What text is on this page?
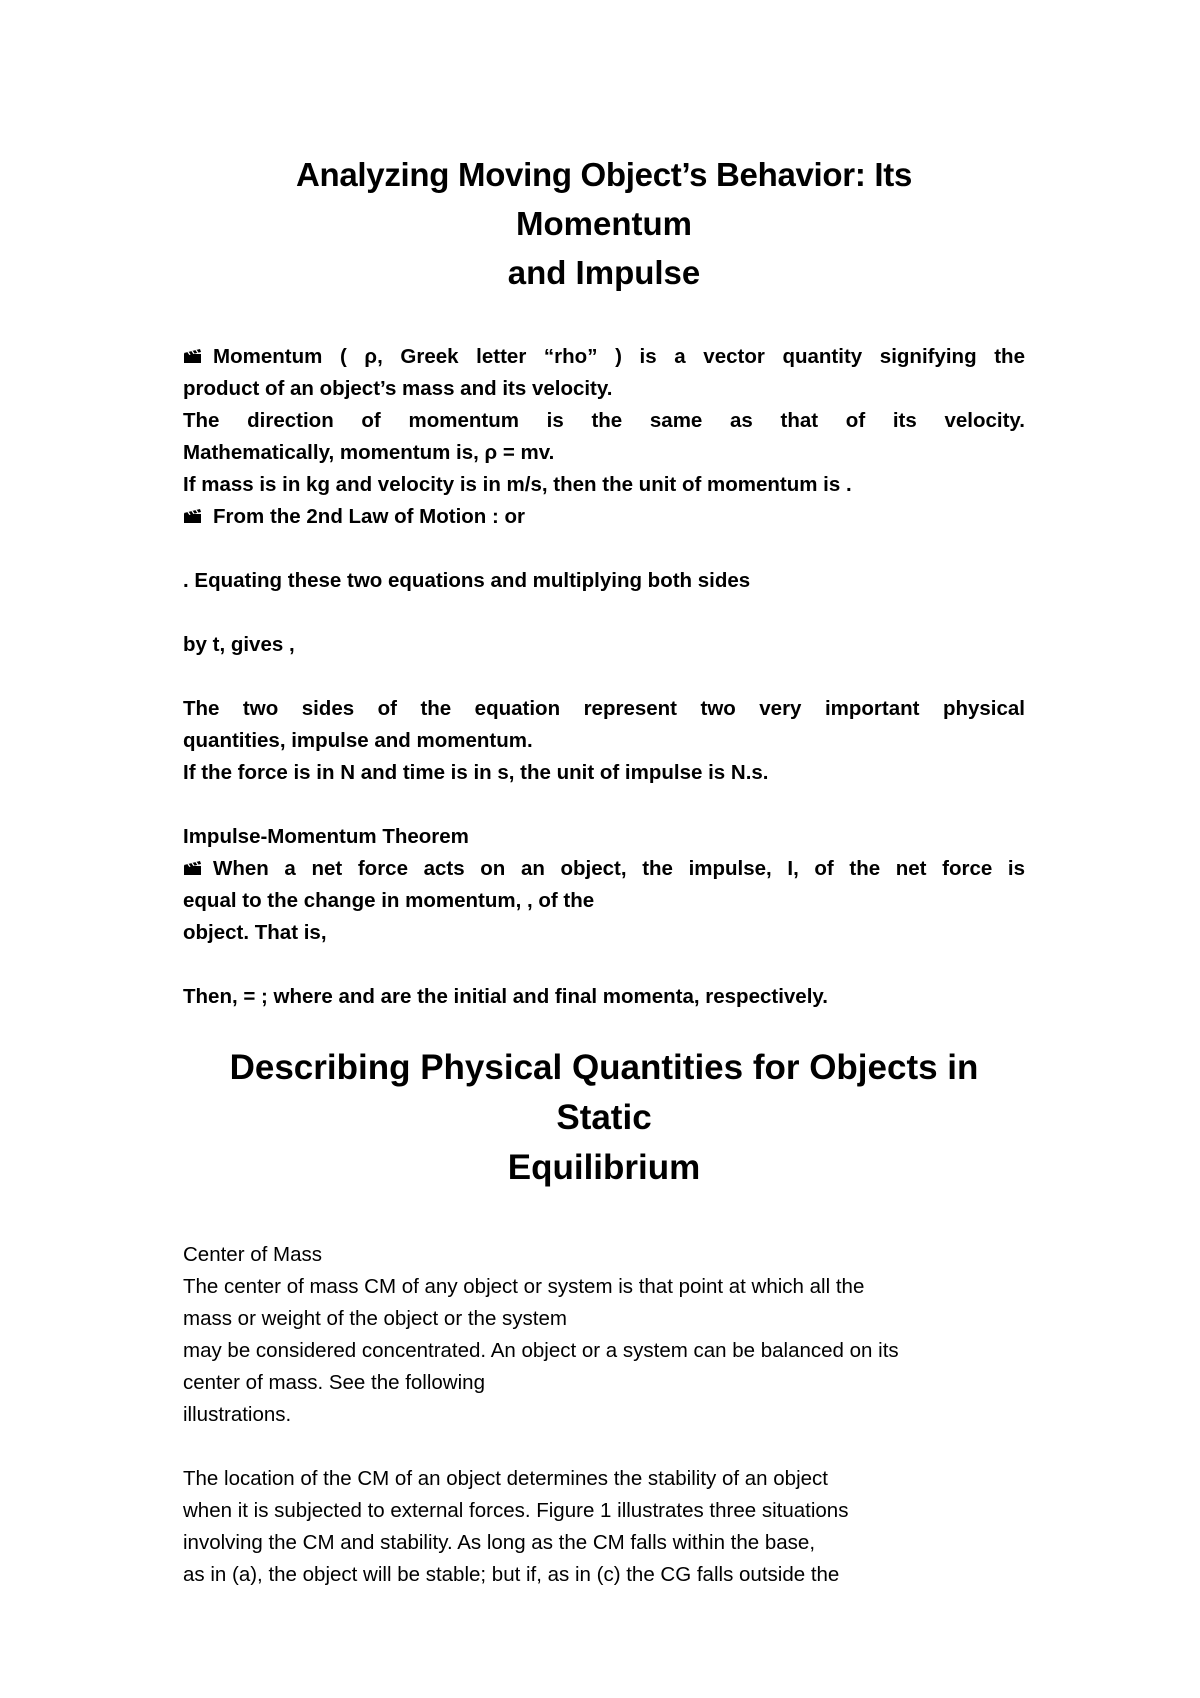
Analyzing Moving Object’s Behavior: Its
Momentum
and Impulse

Momentum ( ρ, Greek letter “rho” ) is a vector quantity signifying the

product of an object’s mass and its velocity.

The direction of momentum is the same as that of its velocity.

Mathematically, momentum is, ρ = mv.

If mass is in kg and velocity is in m/s, then the unit of momentum is .

From the 2nd Law of Motion : or

. Equating these two equations and multiplying both sides

by t, gives ,

The two sides of the equation represent two very important physical

quantities, impulse and momentum.

If the force is in N and time is in s, the unit of impulse is N.s.

Impulse-Momentum Theorem

When a net force acts on an object, the impulse, I, of the net force is

equal to the change in momentum, , of the

object. That is,

Then, = ; where and are the initial and final momenta, respectively.

Describing Physical Quantities for Objects in Static
Equilibrium

Center of Mass

The center of mass CM of any object or system is that point at which all the

mass or weight of the object or the system

may be considered concentrated. An object or a system can be balanced on its

center of mass. See the following

illustrations.

The location of the CM of an object determines the stability of an object

when it is subjected to external forces. Figure 1 illustrates three situations

involving the CM and stability. As long as the CM falls within the base,

as in (a), the object will be stable; but if, as in (c) the CG falls outside the
